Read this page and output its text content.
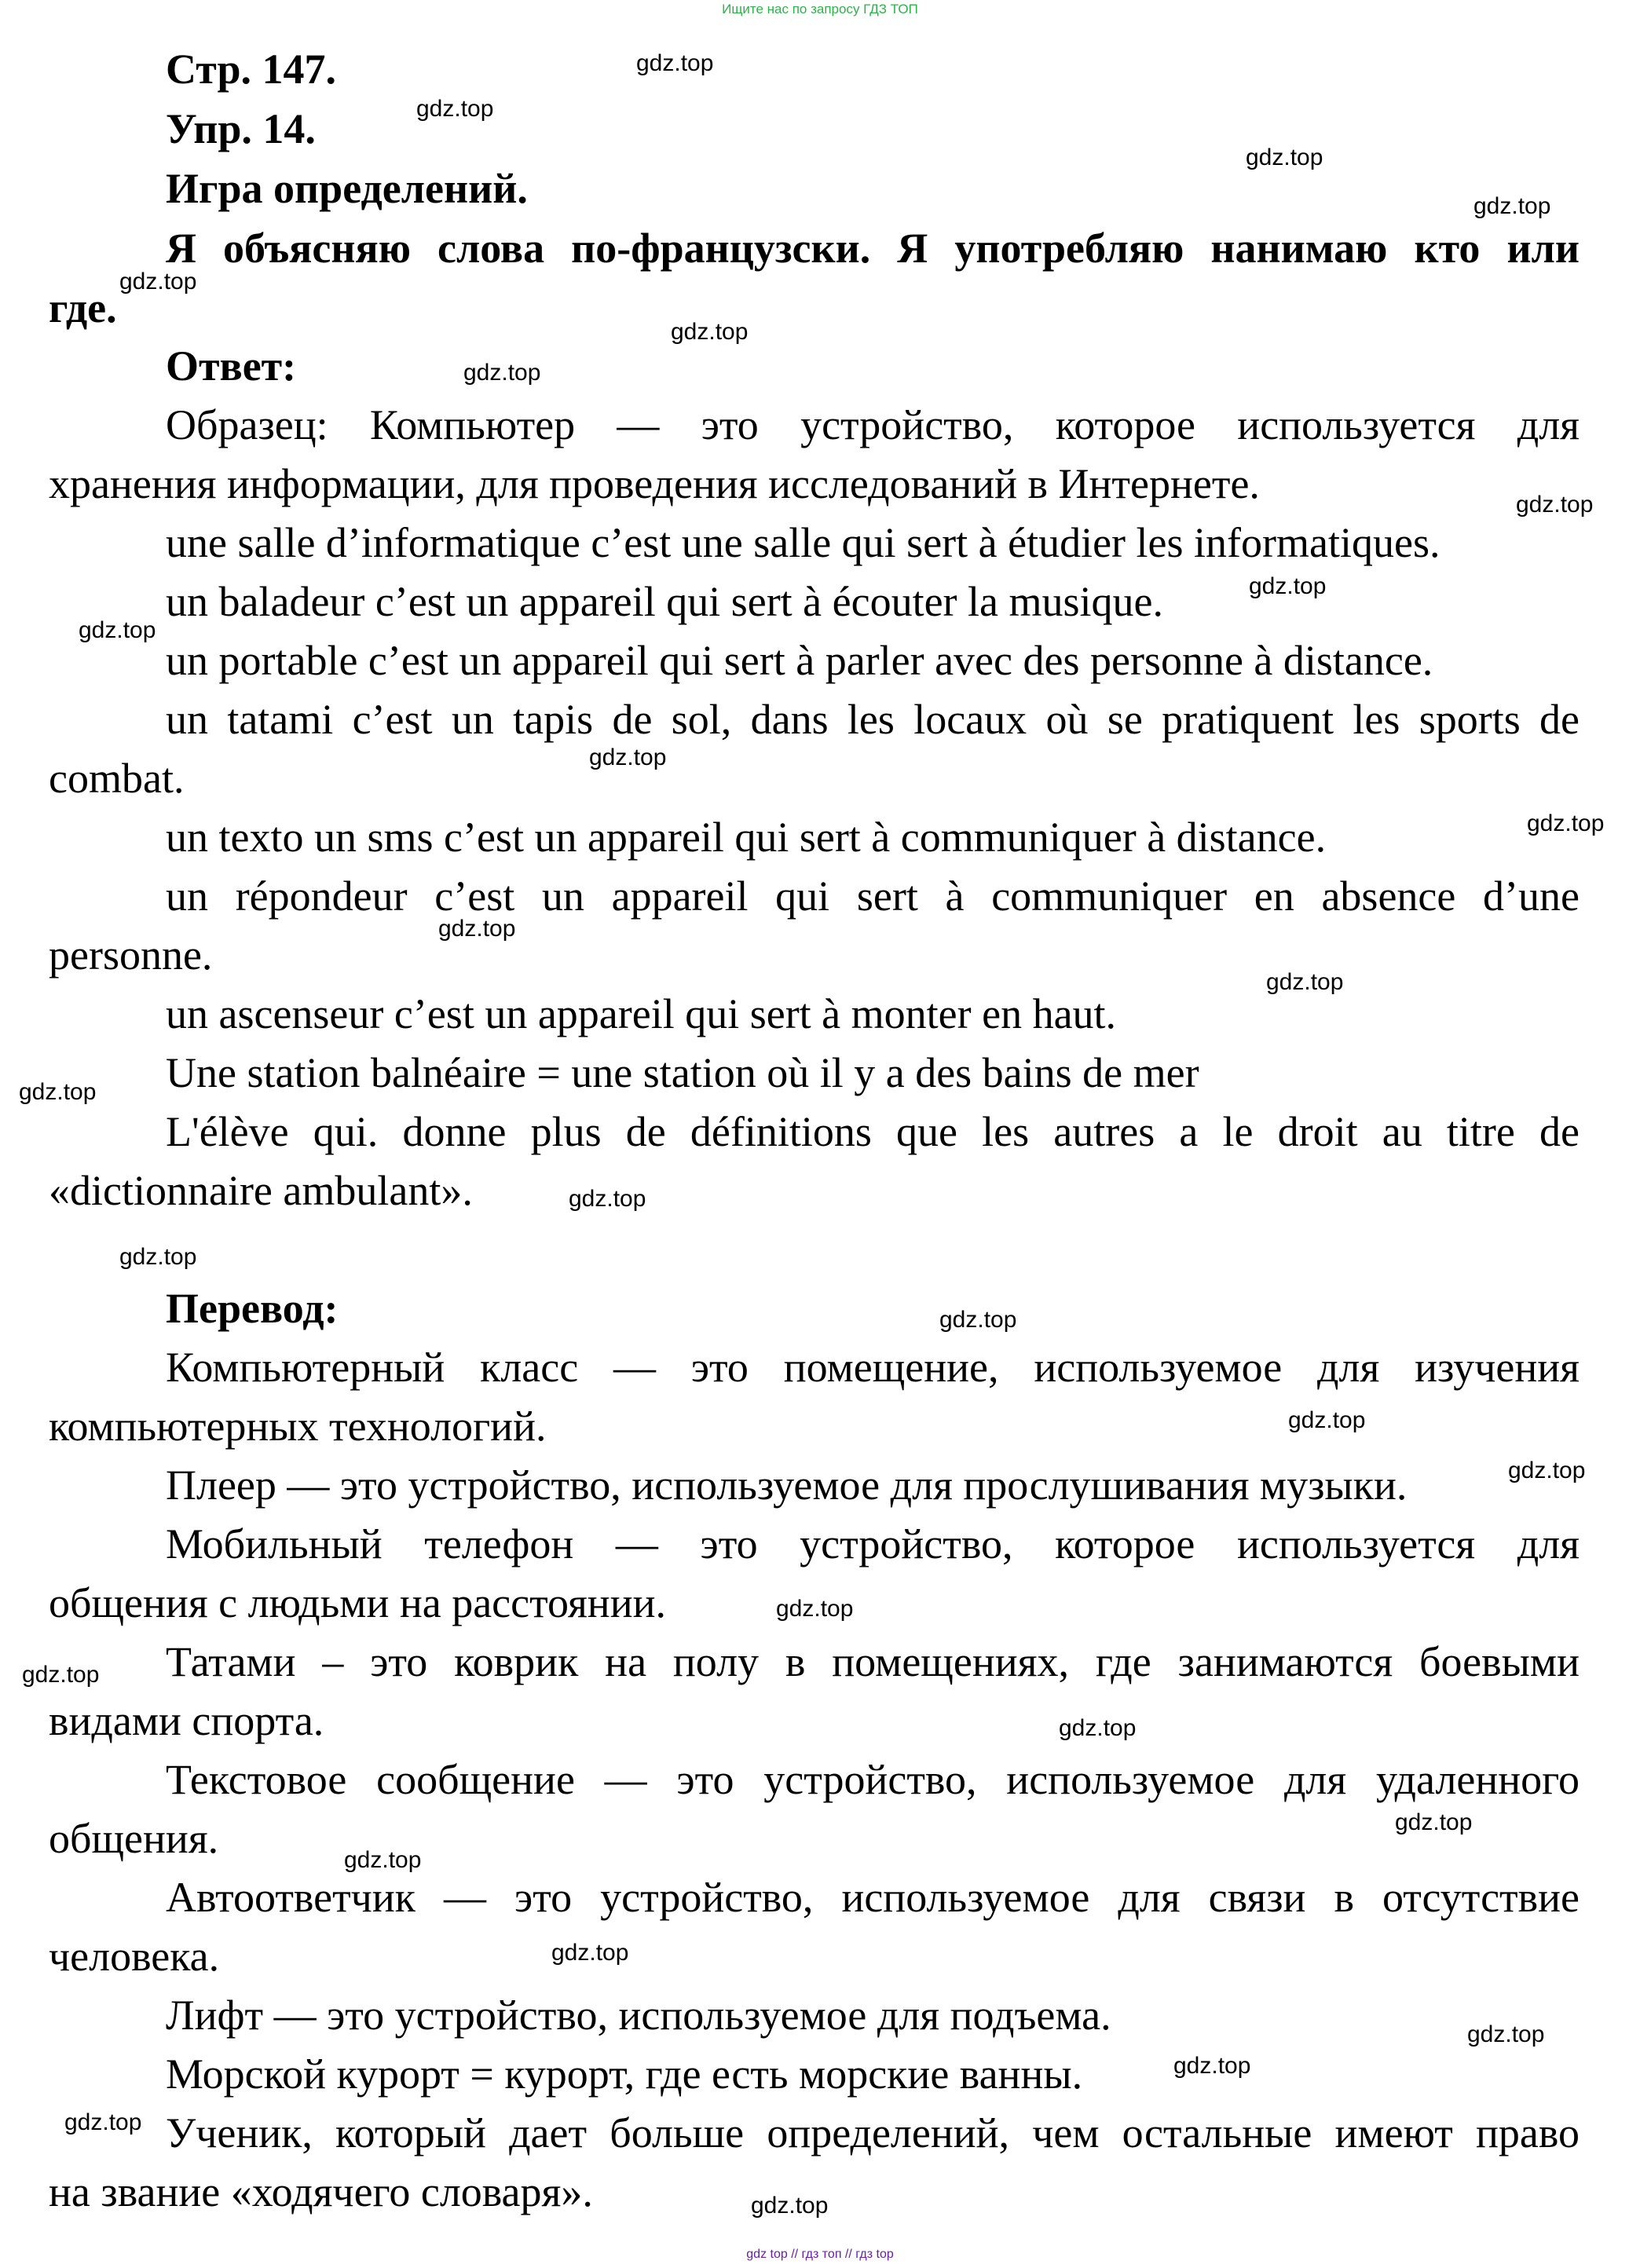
Ищите нас по запросу ГДЗ ТОП
Стр. 147.
Упр. 14.
Игра определений.
Я объясняю слова по-французски. Я употребляю нанимаю кто или
где.
Ответ:
Образец: Компьютер — это устройство, которое используется для
хранения информации, для проведения исследований в Интернете.
une salle d’informatique c’est une salle qui sert à étudier les informatiques.
un baladeur c’est un appareil qui sert à écouter la musique.
un portable c’est un appareil qui sert à parler avec des personne à distance.
un tatami c’est un tapis de sol, dans les locaux où se pratiquent les sports de
combat.
un texto un sms c’est un appareil qui sert à communiquer à distance.
un répondeur c’est un appareil qui sert à communiquer en absence d’une
personne.
un ascenseur c’est un appareil qui sert à monter en haut.
Une station balnéaire = une station où il y a des bains de mer
L'élève qui. donne plus de définitions que les autres a le droit au titre de
«dictionnaire ambulant».
Перевод:
Компьютерный класс — это помещение, используемое для изучения
компьютерных технологий.
Плеер — это устройство, используемое для прослушивания музыки.
Мобильный телефон — это устройство, которое используется для
общения с людьми на расстоянии.
Татами – это коврик на полу в помещениях, где занимаются боевыми
видами спорта.
Текстовое сообщение — это устройство, используемое для удаленного
общения.
Автоответчик — это устройство, используемое для связи в отсутствие
человека.
Лифт — это устройство, используемое для подъема.
Морской курорт = курорт, где есть морские ванны.
Ученик, который дает больше определений, чем остальные имеют право
на звание «ходячего словаря».
gdz.top
gdz.top
gdz.top
gdz.top
gdz.top
gdz.top
gdz.top
gdz.top
gdz.top
gdz.top
gdz.top
gdz.top
gdz.top
gdz.top
gdz.top
gdz.top
gdz.top
gdz.top
gdz.top
gdz.top
gdz.top
gdz.top
gdz.top
gdz.top
gdz.top
gdz.top
gdz.top
gdz.top
gdz.top
gdz.top
gdz top // гдз топ // гдз top
